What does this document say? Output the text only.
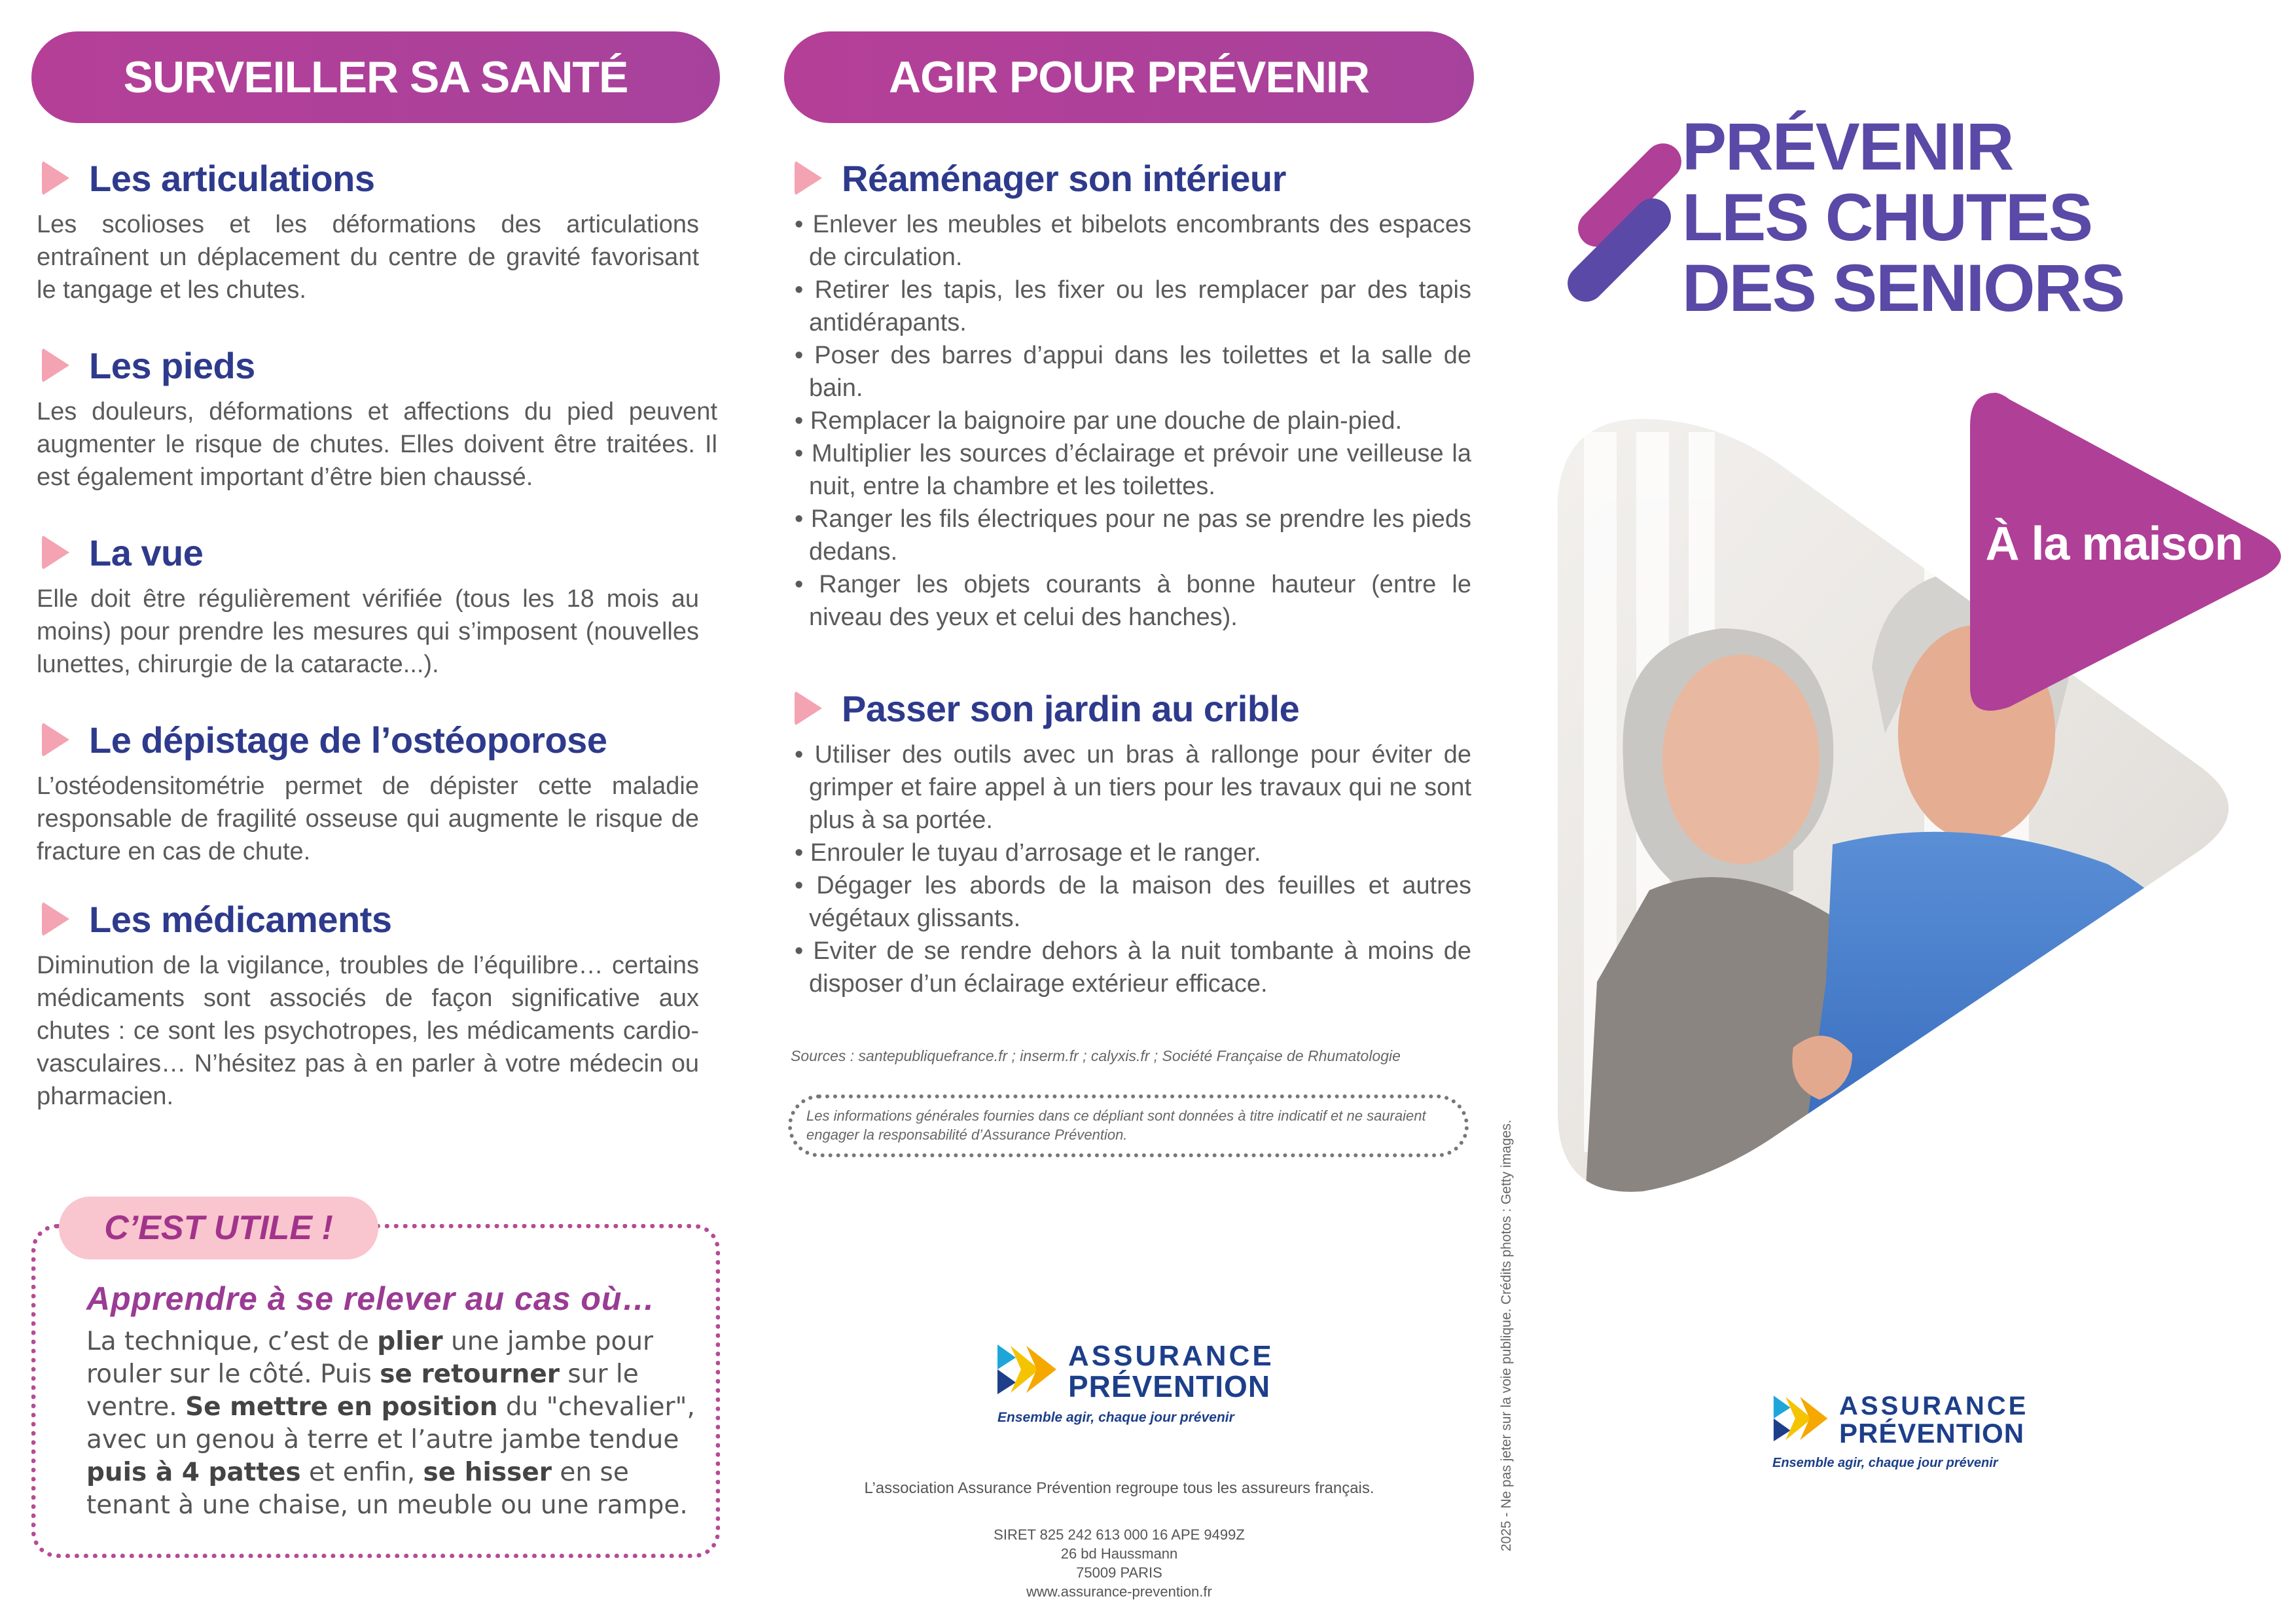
SURVEILLER SA SANTÉ
Les articulations
Les scolioses et les déformations des articulations entraînent un déplacement du centre de gravité favorisant le tangage et les chutes.
Les pieds
Les douleurs, déformations et affections du pied peuvent augmenter le risque de chutes. Elles doivent être traitées. Il est également important d’être bien chaussé.
La vue
Elle doit être régulièrement vérifiée (tous les 18 mois au moins) pour prendre les mesures qui s’imposent (nouvelles lunettes, chirurgie de la cataracte...).
Le dépistage de l’ostéoporose
L’ostéodensitométrie permet de dépister cette maladie responsable de fragilité osseuse qui augmente le risque de fracture en cas de chute.
Les médicaments
Diminution de la vigilance, troubles de l’équilibre… certains médicaments sont associés de façon significative aux chutes : ce sont les psychotropes, les médicaments cardio-vasculaires… N’hésitez pas à en parler à votre médecin ou pharmacien.
C’EST UTILE !
Apprendre à se relever au cas où…
La technique, c’est de plier une jambe pour rouler sur le côté. Puis se retourner sur le ventre. Se mettre en position du "chevalier", avec un genou à terre et l’autre jambe tendue puis à 4 pattes et enfin, se hisser en se tenant à une chaise, un meuble ou une rampe.
AGIR POUR PRÉVENIR
Réaménager son intérieur
• Enlever les meubles et bibelots encombrants des espaces de circulation.
• Retirer les tapis, les fixer ou les remplacer par des tapis antidérapants.
• Poser des barres d’appui dans les toilettes et la salle de bain.
• Remplacer la baignoire par une douche de plain-pied.
• Multiplier les sources d’éclairage et prévoir une veilleuse la nuit, entre la chambre et les toilettes.
• Ranger les fils électriques pour ne pas se prendre les pieds dedans.
• Ranger les objets courants à bonne hauteur (entre le niveau des yeux et celui des hanches).
Passer son jardin au crible
• Utiliser des outils avec un bras à rallonge pour éviter de grimper et faire appel à un tiers pour les travaux qui ne sont plus à sa portée.
• Enrouler le tuyau d’arrosage et le ranger.
• Dégager les abords de la maison des feuilles et autres végétaux glissants.
• Eviter de se rendre dehors à la nuit tombante à moins de disposer d’un éclairage extérieur efficace.
Sources : santepubliquefrance.fr ; inserm.fr ; calyxis.fr ; Société Française de Rhumatologie
Les informations générales fournies dans ce dépliant sont données à titre indicatif et ne sauraient engager la responsabilité d’Assurance Prévention.
ASSURANCE
PRÉVENTION
Ensemble agir, chaque jour prévenir
L’association Assurance Prévention regroupe tous les assureurs français.
SIRET 825 242 613 000 16 APE 9499Z
26 bd Haussmann
75009 PARIS
www.assurance-prevention.fr
2025 - Ne pas jeter sur la voie publique. Crédits photos : Getty images.
PRÉVENIR
LES CHUTES
DES SENIORS
À la maison
ASSURANCE
PRÉVENTION
Ensemble agir, chaque jour prévenir
